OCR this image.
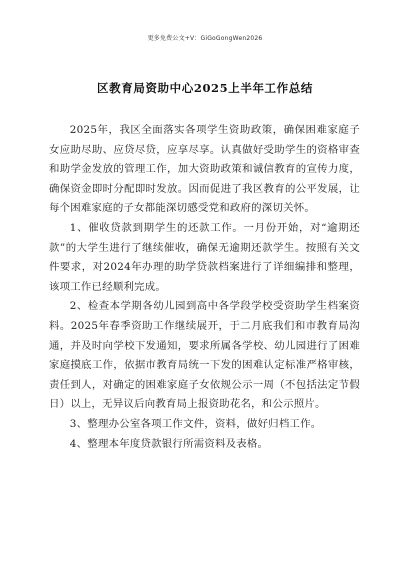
更多免费公文+V：GiGoGongWen2026
区教育局资助中心2025上半年工作总结

2025年，我区全面落实各项学生资助政策，确保困难家庭子女应助尽助、应贷尽贷，应享尽享。认真做好受助学生的资格审查和助学金发放的管理工作，加大资助政策和诚信教育的宣传力度，确保资金即时分配即时发放。因而促进了我区教育的公平发展，让每个困难家庭的子女都能深切感受党和政府的深切关怀。

1、催收贷款到期学生的还款工作。一月份开始，对“逾期还款”的大学生进行了继续催收，确保无逾期还款学生。按照有关文件要求，对2024年办理的助学贷款档案进行了详细编排和整理，该项工作已经顺利完成。

2、检查本学期各幼儿园到高中各学段学校受资助学生档案资料。2025年春季资助工作继续展开，于二月底我们和市教育局沟通，并及时向学校下发通知，要求所属各学校、幼儿园进行了困难家庭摸底工作，依据市教育局统一下发的困难认定标准严格审核，责任到人，对确定的困难家庭子女依规公示一周（不包括法定节假日）以上，无异议后向教育局上报资助花名，和公示照片。

3、整理办公室各项工作文件，资料，做好归档工作。

4、整理本年度贷款银行所需资料及表格。
